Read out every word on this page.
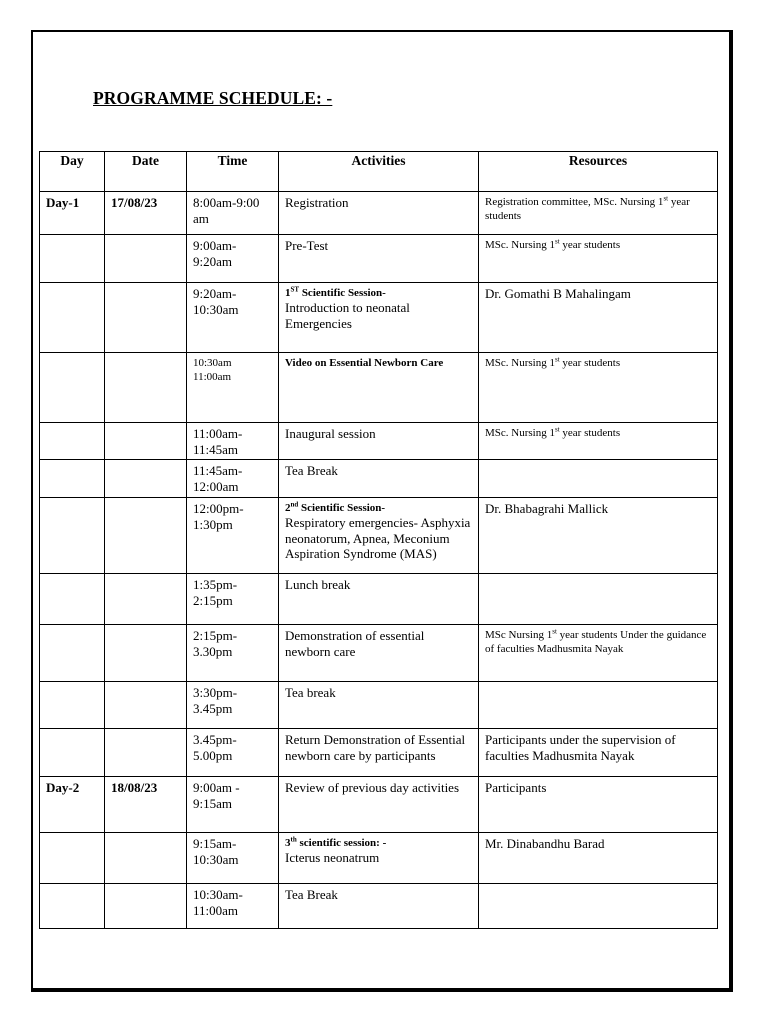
PROGRAMME SCHEDULE: -
Day	Date	Time	Activities	Resources
Day-1	17/08/23	8:00am-9:00 am	Registration	Registration committee, MSc. Nursing 1st year students
		9:00am- 9:20am	Pre-Test	MSc. Nursing 1st year students
		9:20am- 10:30am	1ST Scientific Session-
Introduction to neonatal Emergencies	Dr. Gomathi B Mahalingam
		10:30am 11:00am	Video on Essential Newborn Care	MSc. Nursing 1st year students
		11:00am- 11:45am	Inaugural session	MSc. Nursing 1st year students
		11:45am- 12:00am	Tea Break	

		12:00pm- 1:30pm	2nd Scientific Session-
Respiratory emergencies- Asphyxia neonatorum, Apnea, Meconium Aspiration Syndrome (MAS)	Dr. Bhabagrahi Mallick
		1:35pm- 2:15pm	Lunch break	

		2:15pm- 3.30pm	Demonstration of essential newborn care	MSc Nursing 1st year students Under the guidance of faculties Madhusmita Nayak
		3:30pm- 3.45pm	Tea break	

		3.45pm- 5.00pm	Return Demonstration of Essential newborn care by participants	Participants under the supervision of faculties Madhusmita Nayak
Day-2	18/08/23	9:00am - 9:15am	Review of previous day activities	Participants
		9:15am- 10:30am	3th scientific session: -
Icterus neonatrum	Mr. Dinabandhu Barad
		10:30am- 11:00am	Tea Break	
